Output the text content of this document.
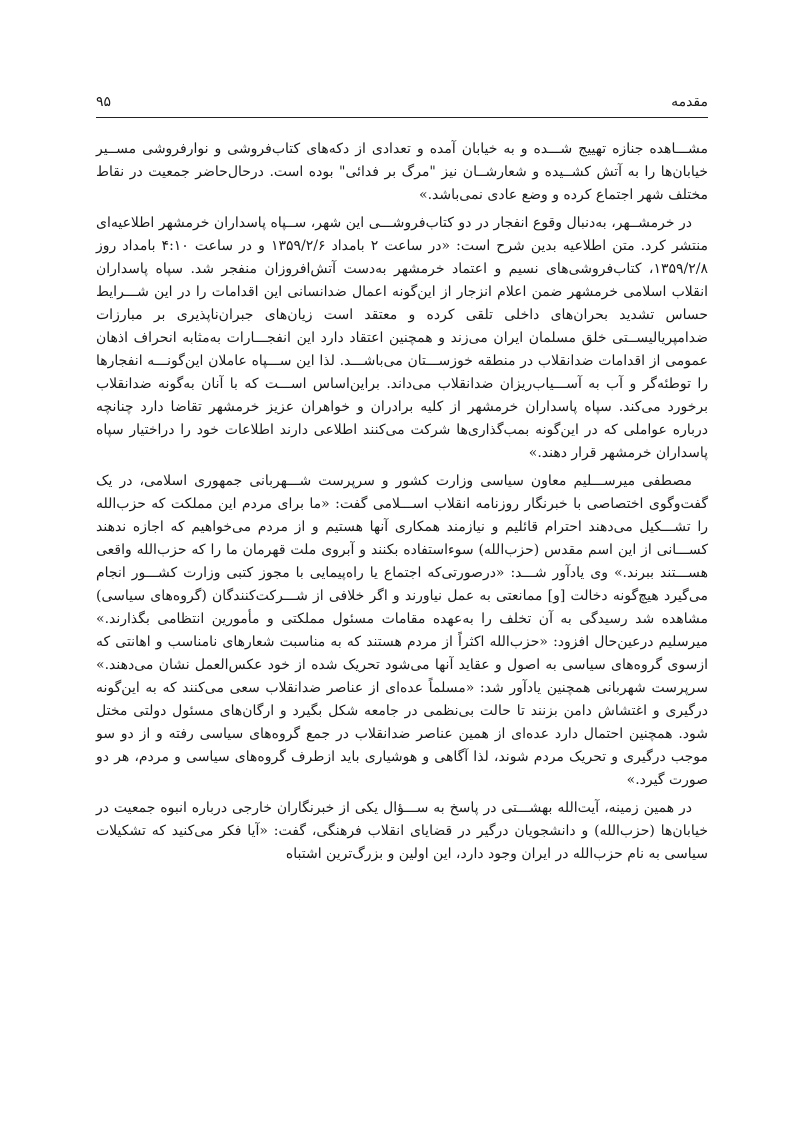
مقدمه
۹۵

مشـــاهده جنازه تهییج شـــده و به خیابان آمده و تعدادی از دکه‌های کتاب‌فروشی و نوارفروشی مســیر خیابان‌ها را به آتش کشــیده و شعارشــان نیز "مرگ بر فدائی" بوده است. درحال‌حاضر جمعیت در نقاط مختلف شهر اجتماع کرده و وضع عادی نمی‌باشد.»

در خرمشــهر، به‌دنبال وقوع انفجار در دو کتاب‌فروشـــی این شهر، ســپاه پاسداران خرمشهر اطلاعیه‌ای منتشر کرد. متن اطلاعیه بدین شرح است: «در ساعت ۲ بامداد ۱۳۵۹/۲/۶ و در ساعت ۴:۱۰ بامداد روز ۱۳۵۹/۲/۸، کتاب‌فروشی‌های نسیم و اعتماد خرمشهر به‌دست آتش‌افروزان منفجر شد. سپاه پاسداران انقلاب اسلامی خرمشهر ضمن اعلام انزجار از این‌گونه اعمال ضدانسانی این اقدامات را در این شـــرایط حساس تشدید بحران‌های داخلی تلقی کرده و معتقد است زیان‌های جبران‌ناپذیری بر مبارزات ضدامپریالیســتی خلق مسلمان ایران می‌زند و همچنین اعتقاد دارد این انفجـــارات به‌مثابه انحراف اذهان عمومی از اقدامات ضدانقلاب در منطقه خوزســـتان می‌باشـــد. لذا این ســـپاه عاملان این‌گونـــه انفجارها را توطئه‌گر و آب به آســـیاب‌ریزان ضدانقلاب می‌داند. براین‌اساس اســـت که با آنان به‌گونه ضدانقلاب برخورد می‌کند. سپاه پاسداران خرمشهر از کلیه برادران و خواهران عزیز خرمشهر تقاضا دارد چنانچه درباره عواملی که در این‌گونه بمب‌گذاری‌ها شرکت می‌کنند اطلاعی دارند اطلاعات خود را دراختیار سپاه پاسداران خرمشهر قرار دهند.»

مصطفی میرســـلیم معاون سیاسی وزارت کشور و سرپرست شـــهربانی جمهوری اسلامی، در یک گفت‌وگوی اختصاصی با خبرنگار روزنامه انقلاب اســـلامی گفت: «ما برای مردم این مملکت که حزب‌الله را تشـــکیل می‌دهند احترام قائلیم و نیازمند همکاری آنها هستیم و از مردم می‌خواهیم که اجازه ندهند کســـانی از این اسم مقدس (حزب‌الله) سوءاستفاده بکنند و آبروی ملت قهرمان ما را که حزب‌الله واقعی هســـتند ببرند.» وی یادآور شـــد: «درصورتی‌که اجتماع یا راه‌پیمایی با مجوز کتبی وزارت کشـــور انجام می‌گیرد هیچ‌گونه دخالت [و] ممانعتی به عمل نیاورند و اگر خلافی از شـــرکت‌کنندگان (گروه‌های سیاسی) مشاهده شد رسیدگی به آن تخلف را به‌عهده مقامات مسئول مملکتی و مأمورین انتظامی بگذارند.» میرسلیم درعین‌حال افزود: «حزب‌الله اکثراً از مردم هستند که به مناسبت شعارهای نامناسب و اهانتی که ازسوی گروه‌های سیاسی به اصول و عقاید آنها می‌شود تحریک شده از خود عکس‌العمل نشان می‌دهند.» سرپرست شهربانی همچنین یادآور شد: «مسلماً عده‌ای از عناصر ضدانقلاب سعی می‌کنند که به این‌گونه درگیری و اغتشاش دامن بزنند تا حالت بی‌نظمی در جامعه شکل بگیرد و ارگان‌های مسئول دولتی مختل شود. همچنین احتمال دارد عده‌ای از همین عناصر ضدانقلاب در جمع گروه‌های سیاسی رفته و از دو سو موجب درگیری و تحریک مردم شوند، لذا آگاهی و هوشیاری باید ازطرف گروه‌های سیاسی و مردم، هر دو صورت گیرد.»

در همین زمینه، آیت‌الله بهشـــتی در پاسخ به ســـؤال یکی از خبرنگاران خارجی درباره انبوه جمعیت در خیابان‌ها (حزب‌الله) و دانشجویان درگیر در قضایای انقلاب فرهنگی، گفت: «آیا فکر می‌کنید که تشکیلات سیاسی به نام حزب‌الله در ایران وجود دارد، این اولین و بزرگ‌ترین اشتباه
